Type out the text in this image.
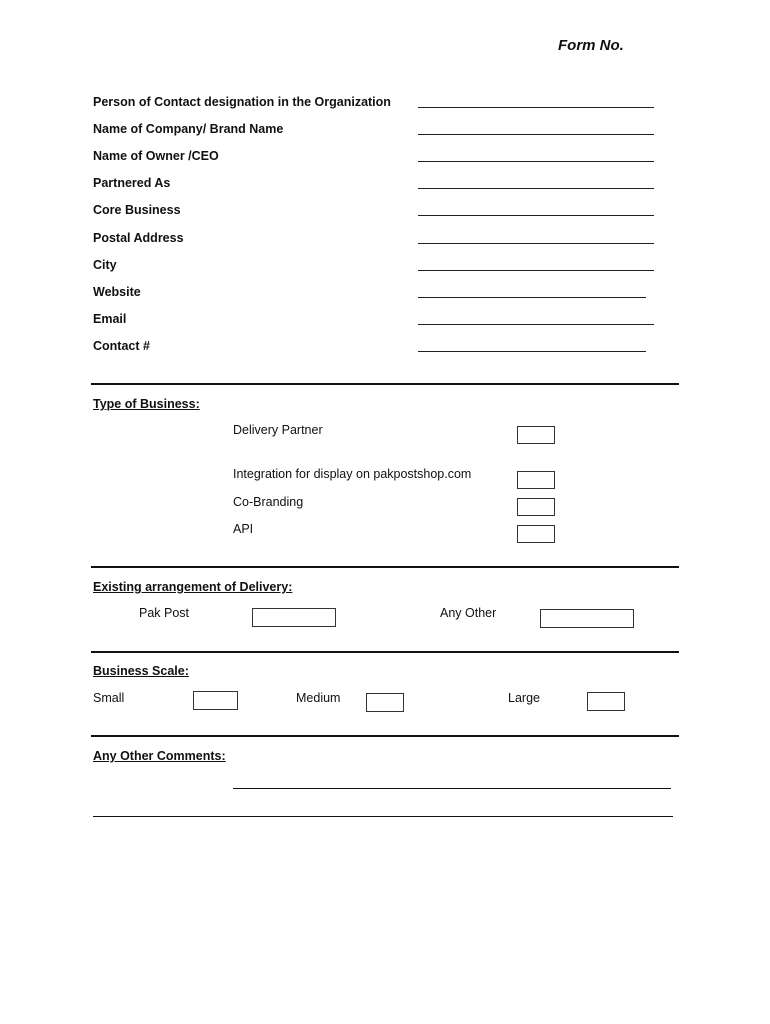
Form No.
Person of Contact designation in the Organization
Name of Company/ Brand Name
Name of Owner /CEO
Partnered As
Core Business
Postal Address
City
Website
Email
Contact #
Type of Business:
Delivery Partner
Integration for display on pakpostshop.com
Co-Branding
API
Existing arrangement of Delivery:
Pak Post	Any Other
Business Scale:
Small	Medium	Large
Any Other Comments:
